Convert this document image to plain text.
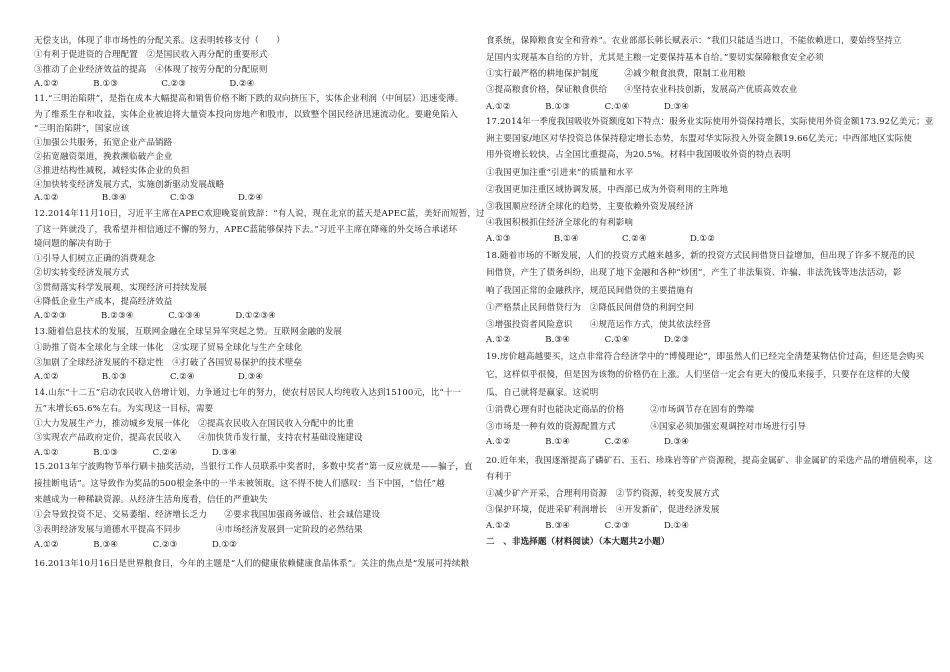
无偿支出，体现了非市场性的分配关系。这表明转移支付（　　）
①有利于促进资的合理配置　②是国民收入再分配的重要形式
③推动了企业经济效益的提高　④体现了按劳分配的分配原则
A.①②　　　　B.①③　　　　　C.②③　　　　　D.②④
11.“三明治陷阱”，是指在成本大幅提高和销售价格不断下跌的双向挤压下，实体企业利润（中间层）迅速变薄。
为了维系生存和收益，实体企业被迫将大量资本投向房地产和股市，以致整个国民经济迅速流动化。要避免陷入
“三明治陷阱”，国家应该
①加强公共服务，拓宽企业产品销路
②拓宽融资渠道，挽救濒临破产企业
③推进结构性减税，减轻实体企业的负担
④加快转变经济发展方式，实施创新驱动发展战略
A.①②　　　　　B.③④　　　　　C.①③　　　　　D.②④
12.2014年11月10日，习近平主席在APEC欢迎晚宴前致辞：“有人说，现在北京的蓝天是APEC蓝，美好而短暂，过
了这一阵就没了，我希望并相信通过不懈的努力，APEC蓝能够保持下去。”习近平主席在降雍的外交场合承诺环
境问题的解决有助于
①引导人们树立正确的消费观念
②切实转变经济发展方式
③贯彻落实科学发展观，实现经济可持续发展
④降低企业生产成本，提高经济效益
A.①②③　　　　B.②③④　　　　C.①③④　　　　D.①②③④
13.随着信息技术的发展，互联网金融在全球呈异军突起之势。互联网金融的发展
①助推了资本全球化与全球一体化　②实现了贸易全球化与生产全球化
③加剧了全球经济发展的不稳定性　④打破了各国贸易保护的技术壁垒
A.①②　　　　　B.①③　　　　　C.②④　　　　　D.③④
14.山东“十二五”启动农民收入倍增计划，力争通过七年的努力，使农村居民人均纯收入达到15100元，比“十一
五”末增长65.6%左右。为实现这一目标，需要
①大力发展生产力，推动城乡发展一体化　②提高农民收入在国民收入分配中的比重
③实现农产品政府定价，提高农民收入　　④加快货币发行量，支持农村基础设施建设
A.①②　　　　B.①③　　　　C.②④　　　　D.③④
15.2013年宁波购物节举行刷卡抽奖活动，当银行工作人员联系中奖者时，多数中奖者“第一反应就是——骗子，直
接挂断电话”。这导致作为奖品的500根金条中的一半未被领取。这不得不使人们感叹：当下中国，“信任”越
来越成为一种稀缺资源。从经济生活角度看，信任的严重缺失
①会导致投资不足、交易萎缩、经济增长乏力　　②要求我国加强商务诚信、社会诚信建设
③表明经济发展与道德水平提高不同步　　　　④市场经济发展到一定阶段的必然结果
A.①②　　　　B.③④　　　　C.②③　　　　D.①②
16.2013年10月16日是世界粮食日，今年的主题是“人们的健康依赖健康食品体系”。关注的焦点是“发展可持续粮
食系统，保障粮食安全和营养”。农业部部长韩长赋表示：“我们只能适当进口，不能依赖进口，要始终坚持立
足国内实现基本自给的方针，尤其是主粮一定要保持基本自给。”要切实保障粮食安全必须
①实行最严格的耕地保护制度　　　②减少粮食浪费，限制工业用粮
③提高粮食价格，保证粮食供给　　④坚持农业科技创新，发展高产优质高效农业
A.①②　　　　B.①③　　　　C.①④　　　　D.③④
17.2014年一季度我国吸收外资额度如下特点：服务业实际使用外资保持增长，实际使用外资金额173.92亿美元；亚
洲主要国家/地区对华投资总体保持稳定增长态势，东盟对华实际投入外资金额19.66亿美元；中西部地区实际使
用外资增长较快，占全国比重提高，为20.5%。材料中我国吸收外资的特点表明
①我国更加注重“引进来”的质量和水平
②我国更加注重区域协调发展，中西部已成为外资利用的主阵地
③我国顺应经济全球化的趋势，主要依赖外资发展经济
④我国积极抓住经济全球化的有利影响
A.①③　　　　　B.①④　　　　　C.②④　　　　　D.①②
18.随着市场的不断发展，人们的投资方式越来越多，新的投资方式民间借贷日益增加，但出现了许多不规范的民
间借贷，产生了债务纠纷，出现了地下金融和各种“炒团”，产生了非法集资、诈骗、非法洗钱等违法活动，影
响了我国正常的金融秩序，规范民间借贷的主要措施有
①严格禁止民间借贷行为　②降低民间借贷的利润空间
③增强投资者风险意识　　④规范运作方式，使其依法经营
A.①②　　　　B.③④　　　　C.①④　　　　D.②③
19.房价越高越要买，这点非常符合经济学中的“博傻理论”，即虽然人们已经完全清楚某物估价过高，但还是会购买
它，这样似乎很傻，但是因为该物的价格仍在上涨。人们坚信一定会有更大的傻瓜来接手，只要存在这样的大傻
瓜，自己就将是赢家。这说明
①消费心理有时也能决定商品的价格　　　②市场调节存在固有的弊端
③市场是一种有效的资源配置方式　　　　④国家必须加强宏观调控对市场进行引导
A.①②　　　　B.①④　　　　C.②④　　　　D.③④
20.近年来，我国逐渐提高了磷矿石、玉石、珍珠岩等矿产资源税，提高金属矿、非金属矿的采选产品的增值税率，这
有利于
①减少矿产开采，合理利用资源　②节约资源，转变发展方式
③保护环境，促进采矿利润增长　④开发新矿，促进经济发展
A.①②　　　　B.③④　　　　C.②③　　　　D.①④
二　、非选择题（材料阅读）（本大题共2小题）
